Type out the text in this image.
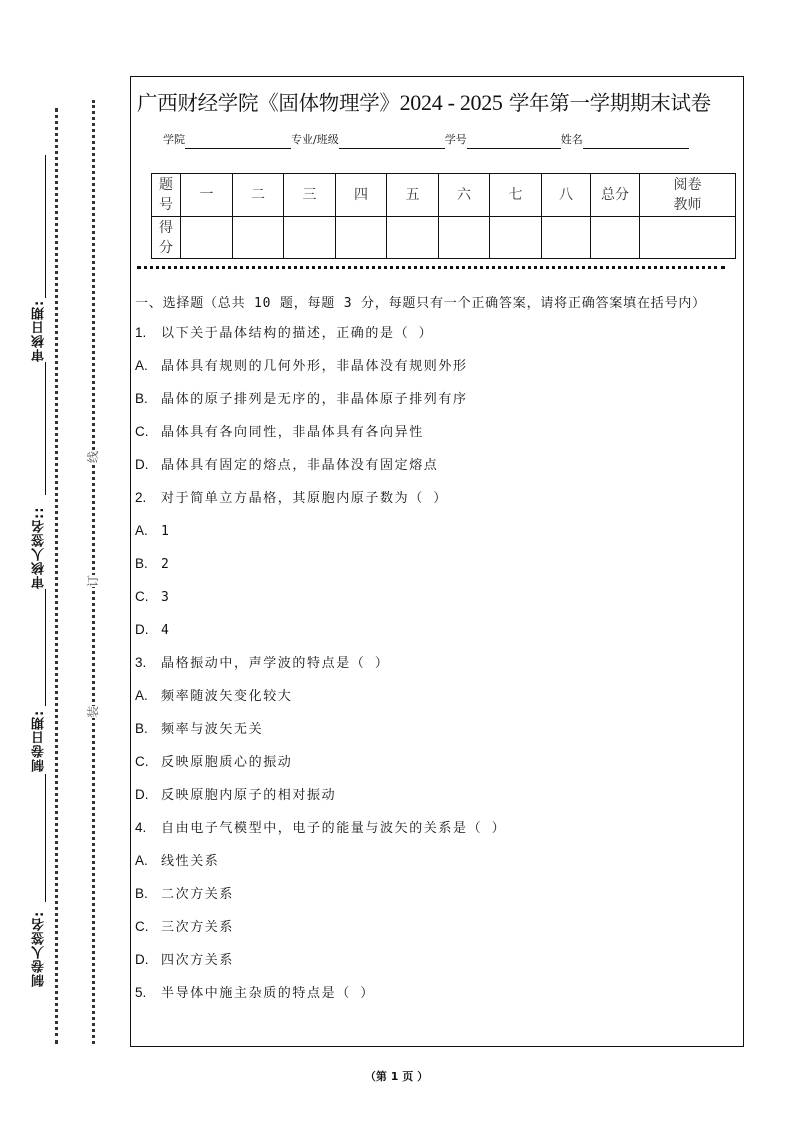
审核日期:
审核人签名::
制卷日期:
制卷人签名:
线
订
装
广西财经学院《固体物理学》2024 - 2025 学年第一学期期末试卷
学院	专业/班级	学号	姓名
题
号	一	二	三	四	五	六	七	八	总分	阅卷
教师
得
分										
一、选择题（总共 10 题，每题 3 分，每题只有一个正确答案，请将正确答案填在括号内）
1. 以下关于晶体结构的描述，正确的是（ ）
A. 晶体具有规则的几何外形，非晶体没有规则外形
B. 晶体的原子排列是无序的，非晶体原子排列有序
C. 晶体具有各向同性，非晶体具有各向异性
D. 晶体具有固定的熔点，非晶体没有固定熔点
2. 对于简单立方晶格，其原胞内原子数为（ ）
A. 1
B. 2
C. 3
D. 4
3. 晶格振动中，声学波的特点是（ ）
A. 频率随波矢变化较大
B. 频率与波矢无关
C. 反映原胞质心的振动
D. 反映原胞内原子的相对振动
4. 自由电子气模型中，电子的能量与波矢的关系是（ ）
A. 线性关系
B. 二次方关系
C. 三次方关系
D. 四次方关系
5. 半导体中施主杂质的特点是（ ）
（第 1 页 ）
